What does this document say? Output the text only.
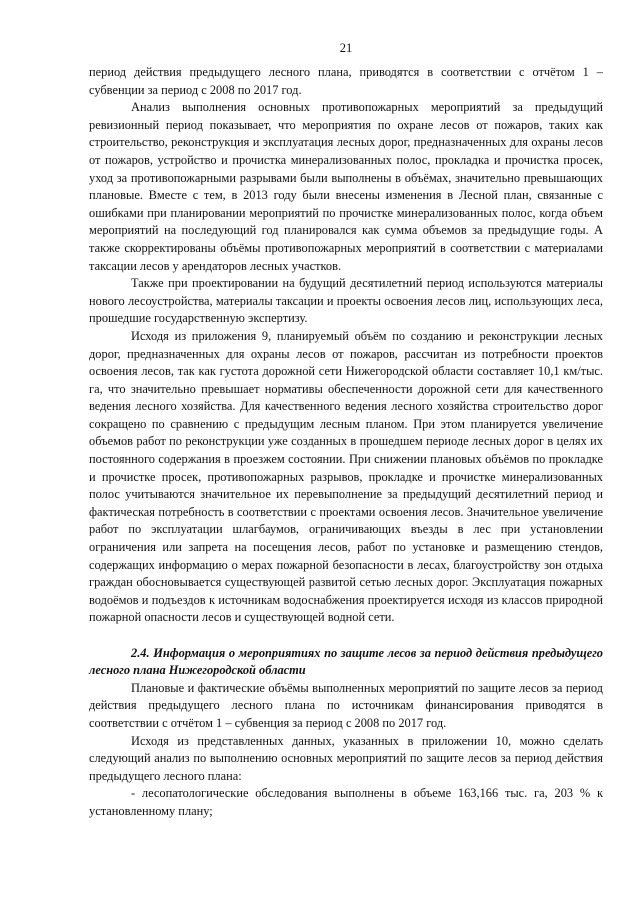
21

период действия предыдущего лесного плана, приводятся в соответствии с отчётом 1 – субвенции за период с 2008 по 2017 год.

Анализ выполнения основных противопожарных мероприятий за предыдущий ревизионный период показывает, что мероприятия по охране лесов от пожаров, таких как строительство, реконструкция и эксплуатация лесных дорог, предназначенных для охраны лесов от пожаров, устройство и прочистка минерализованных полос, прокладка и прочистка просек, уход за противопожарными разрывами были выполнены в объёмах, значительно превышающих плановые. Вместе с тем, в 2013 году были внесены изменения в Лесной план, связанные с ошибками при планировании мероприятий по прочистке минерализованных полос, когда объем мероприятий на последующий год планировался как сумма объемов за предыдущие годы. А также скорректированы объёмы противопожарных мероприятий в соответствии с материалами таксации лесов у арендаторов лесных участков.

Также при проектировании на будущий десятилетний период используются материалы нового лесоустройства, материалы таксации и проекты освоения лесов лиц, использующих леса, прошедшие государственную экспертизу.

Исходя из приложения 9, планируемый объём по созданию и реконструкции лесных дорог, предназначенных для охраны лесов от пожаров, рассчитан из потребности проектов освоения лесов, так как густота дорожной сети Нижегородской области составляет 10,1 км/тыс. га, что значительно превышает нормативы обеспеченности дорожной сети для качественного ведения лесного хозяйства. Для качественного ведения лесного хозяйства строительство дорог сокращено по сравнению с предыдущим лесным планом. При этом планируется увеличение объемов работ по реконструкции уже созданных в прошедшем периоде лесных дорог в целях их постоянного содержания в проезжем состоянии. При снижении плановых объёмов по прокладке и прочистке просек, противопожарных разрывов, прокладке и прочистке минерализованных полос учитываются значительное их перевыполнение за предыдущий десятилетний период и фактическая потребность в соответствии с проектами освоения лесов. Значительное увеличение работ по эксплуатации шлагбаумов, ограничивающих въезды в лес при установлении ограничения или запрета на посещения лесов, работ по установке и размещению стендов, содержащих информацию о мерах пожарной безопасности в лесах, благоустройству зон отдыха граждан обосновывается существующей развитой сетью лесных дорог. Эксплуатация пожарных водоёмов и подъездов к источникам водоснабжения проектируется исходя из классов природной пожарной опасности лесов и существующей водной сети.

2.4. Информация о мероприятиях по защите лесов за период действия предыдущего лесного плана Нижегородской области

Плановые и фактические объёмы выполненных мероприятий по защите лесов за период действия предыдущего лесного плана по источникам финансирования приводятся в соответствии с отчётом 1 – субвенция за период с 2008 по 2017 год.

Исходя из представленных данных, указанных в приложении 10, можно сделать следующий анализ по выполнению основных мероприятий по защите лесов за период действия предыдущего лесного плана:

- лесопатологические обследования выполнены в объеме 163,166 тыс. га, 203 % к установленному плану;
